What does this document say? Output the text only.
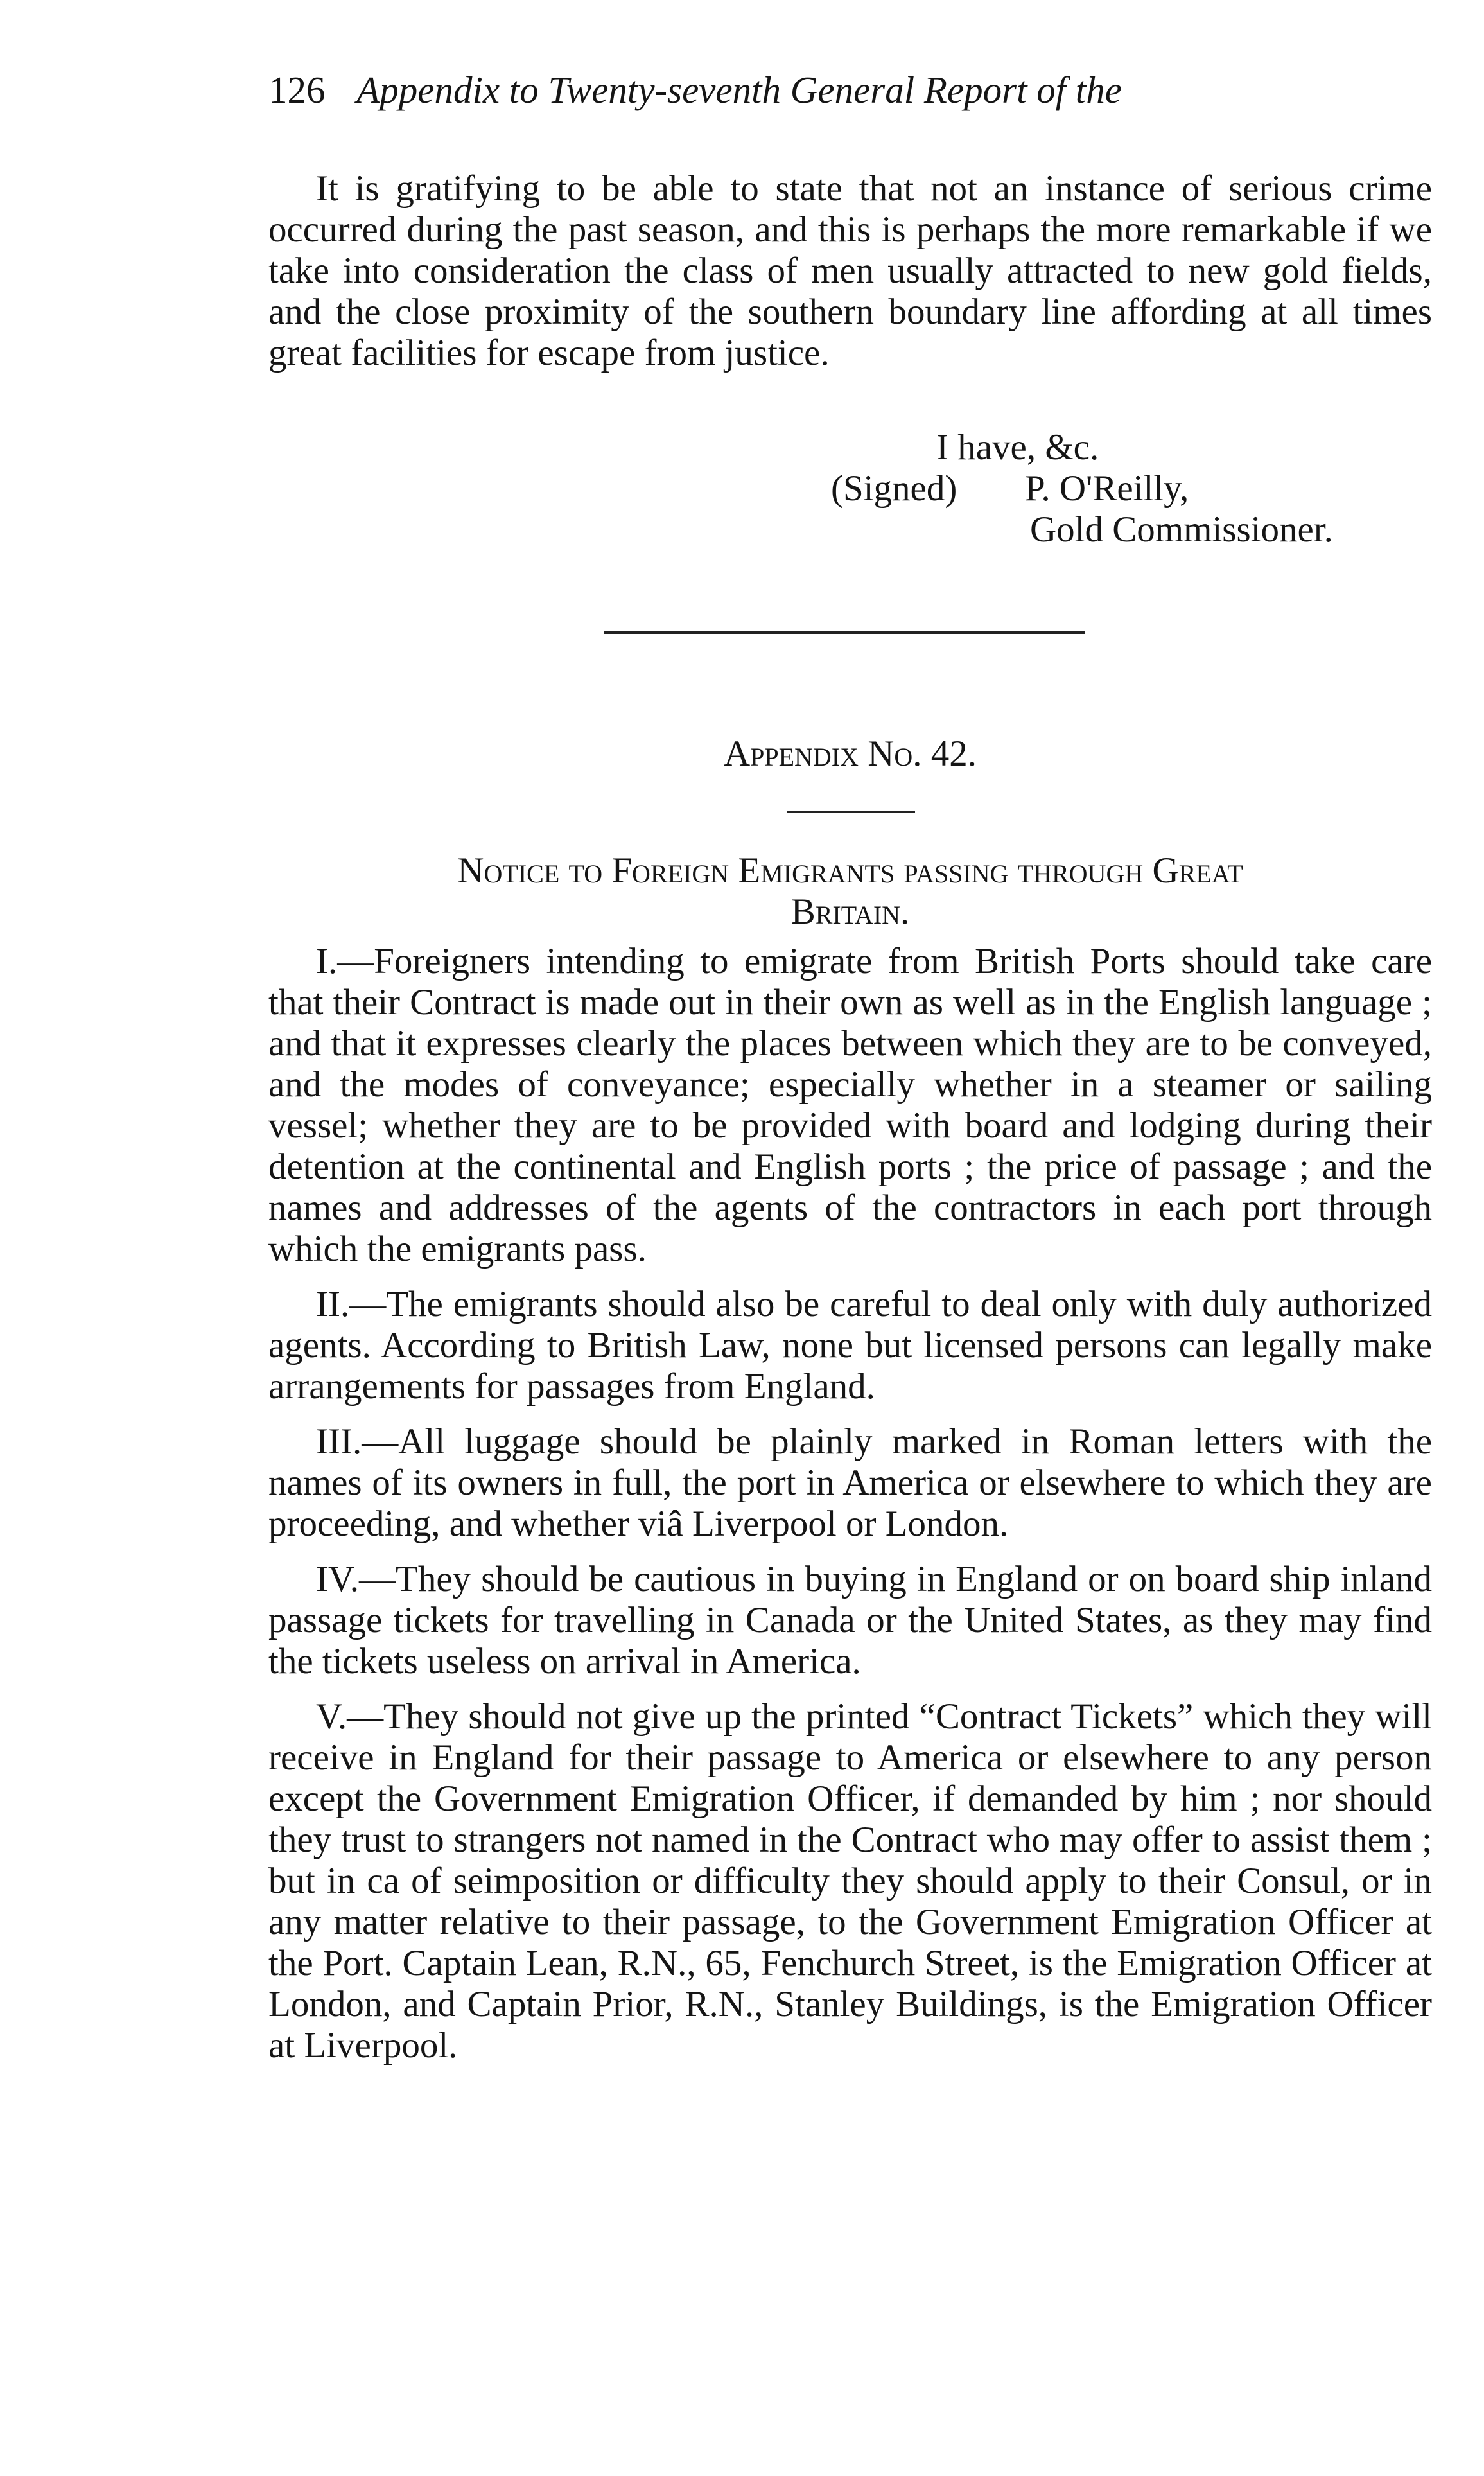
126 Appendix to Twenty-seventh General Report of the

It is gratifying to be able to state that not an instance of serious crime occurred during the past season, and this is perhaps the more remarkable if we take into consideration the class of men usually attracted to new gold fields, and the close proximity of the southern boundary line affording at all times great facilities for escape from justice.

I have, &c.
(Signed) P. O'Reilly,
Gold Commissioner.
Appendix No. 42.
Notice to Foreign Emigrants passing through Great
Britain.

I.—Foreigners intending to emigrate from British Ports should take care that their Contract is made out in their own as well as in the English language ; and that it expresses clearly the places between which they are to be conveyed, and the modes of conveyance; especially whether in a steamer or sailing vessel; whether they are to be provided with board and lodging during their detention at the continental and English ports ; the price of passage ; and the names and addresses of the agents of the contractors in each port through which the emigrants pass.

II.—The emigrants should also be careful to deal only with duly authorized agents. According to British Law, none but licensed persons can legally make arrangements for passages from England.

III.—All luggage should be plainly marked in Roman letters with the names of its owners in full, the port in America or elsewhere to which they are proceeding, and whether viâ Liverpool or London.

IV.—They should be cautious in buying in England or on board ship inland passage tickets for travelling in Canada or the United States, as they may find the tickets useless on arrival in America.

V.—They should not give up the printed “Contract Tickets” which they will receive in England for their passage to America or elsewhere to any person except the Government Emigration Officer, if demanded by him ; nor should they trust to strangers not named in the Contract who may offer to assist them ; but in ca of seimposition or difficulty they should apply to their Consul, or in any matter relative to their passage, to the Government Emigration Officer at the Port. Captain Lean, R.N., 65, Fenchurch Street, is the Emigration Officer at London, and Captain Prior, R.N., Stanley Buildings, is the Emigration Officer at Liverpool.
